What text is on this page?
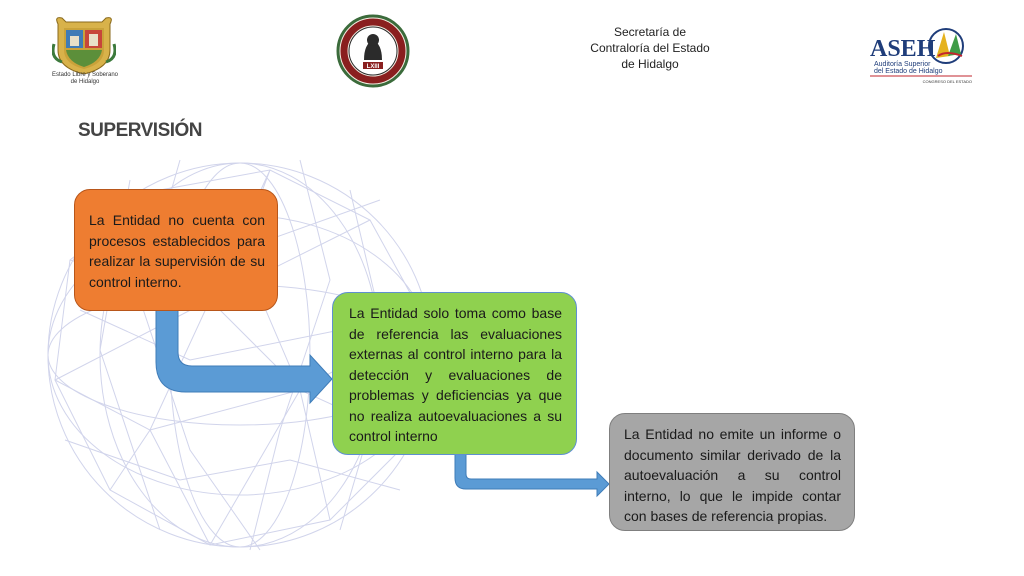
Estado Libre y Soberano de Hidalgo
LXIII
Secretaría de
Contraloría del Estado
de Hidalgo
ASEH
Auditoría Superior
del Estado de Hidalgo
CONGRESO DEL ESTADO
SUPERVISIÓN
La Entidad no cuenta con procesos establecidos para realizar la supervisión de su control interno.
La Entidad solo toma como base de referencia las evaluaciones externas al control interno para la detección y evaluaciones de problemas y deficiencias ya que no realiza autoevaluaciones a su control interno	La Entidad no emite un informe o documento similar derivado de la autoevaluación a su control interno, lo que le impide contar con bases de referencia propias.
